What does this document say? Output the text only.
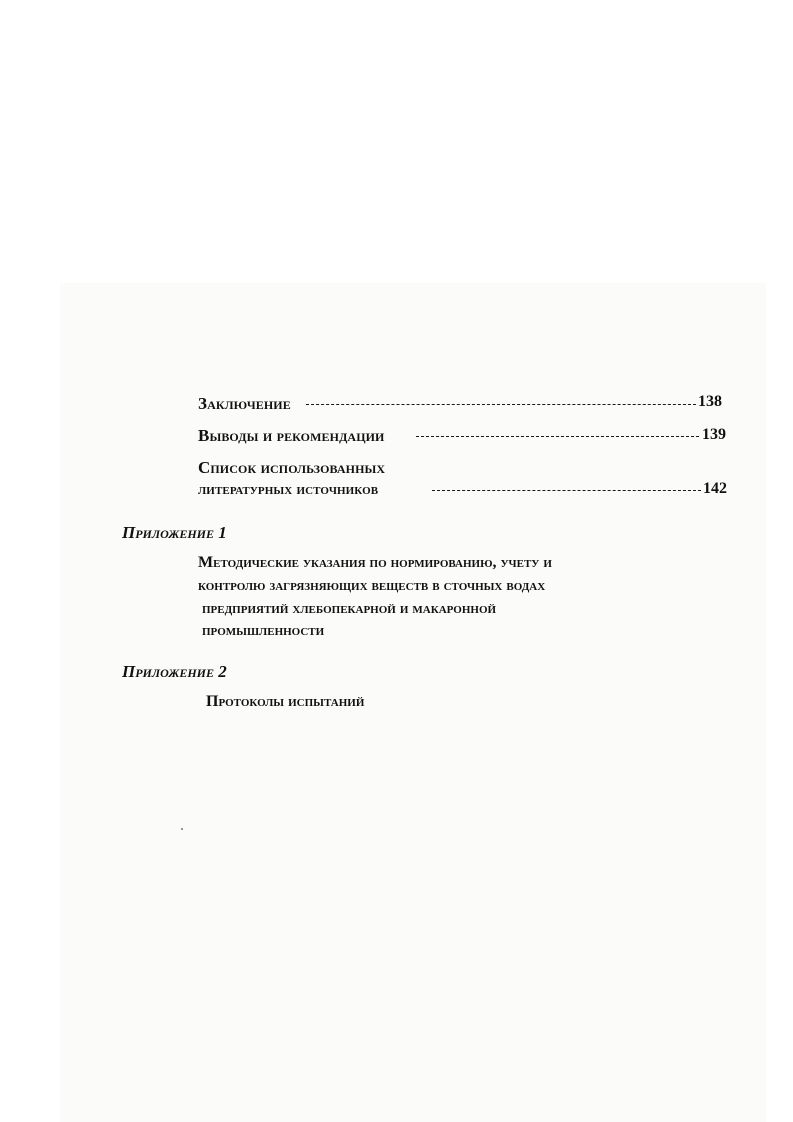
Заключение	138
Выводы и рекомендации	139
Список использованных
литературных источников	142
Приложение 1
Методические указания по нормированию, учету и
контролю загрязняющих веществ в сточных водах
предприятий хлебопекарной и макаронной
промышленности
Приложение 2
Протоколы испытаний
